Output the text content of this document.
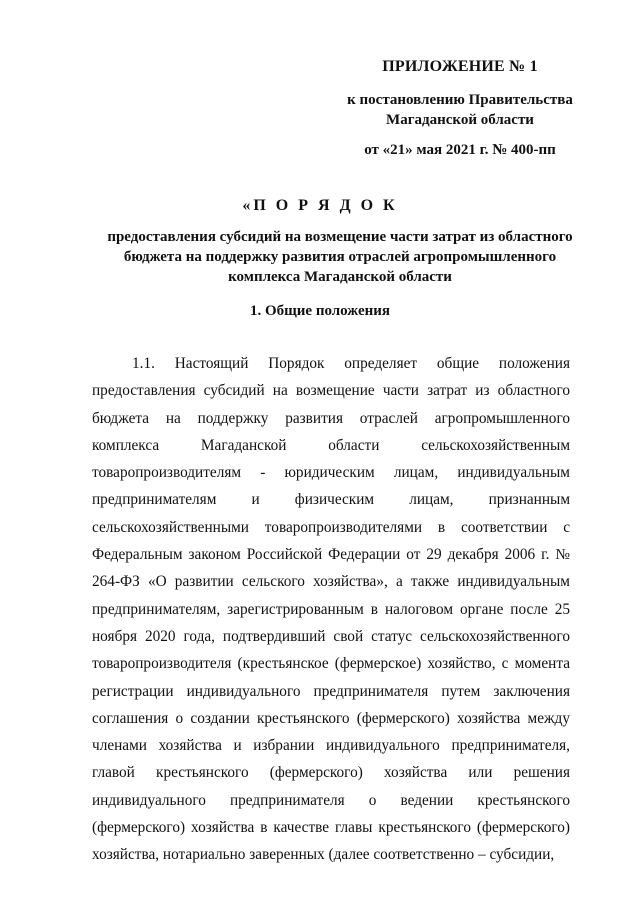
ПРИЛОЖЕНИЕ № 1
к постановлению Правительства
Магаданской области
от «21» мая 2021 г. № 400-пп
«П О Р Я Д О К
предоставления субсидий на возмещение части затрат из областного бюджета на поддержку развития отраслей агропромышленного комплекса Магаданской области
1. Общие положения
1.1. Настоящий Порядок определяет общие положения предоставления субсидий на возмещение части затрат из областного бюджета на поддержку развития отраслей агропромышленного комплекса Магаданской области сельскохозяйственным товаропроизводителям - юридическим лицам, индивидуальным предпринимателям и физическим лицам, признанным сельскохозяйственными товаропроизводителями в соответствии с Федеральным законом Российской Федерации от 29 декабря 2006 г. № 264-ФЗ «О развитии сельского хозяйства», а также индивидуальным предпринимателям, зарегистрированным в налоговом органе после 25 ноября 2020 года, подтвердивший свой статус сельскохозяйственного товаропроизводителя (крестьянское (фермерское) хозяйство, с момента регистрации индивидуального предпринимателя путем заключения соглашения о создании крестьянского (фермерского) хозяйства между членами хозяйства и избрании индивидуального предпринимателя, главой крестьянского (фермерского) хозяйства или решения индивидуального предпринимателя о ведении крестьянского (фермерского) хозяйства в качестве главы крестьянского (фермерского) хозяйства, нотариально заверенных (далее соответственно – субсидии,
